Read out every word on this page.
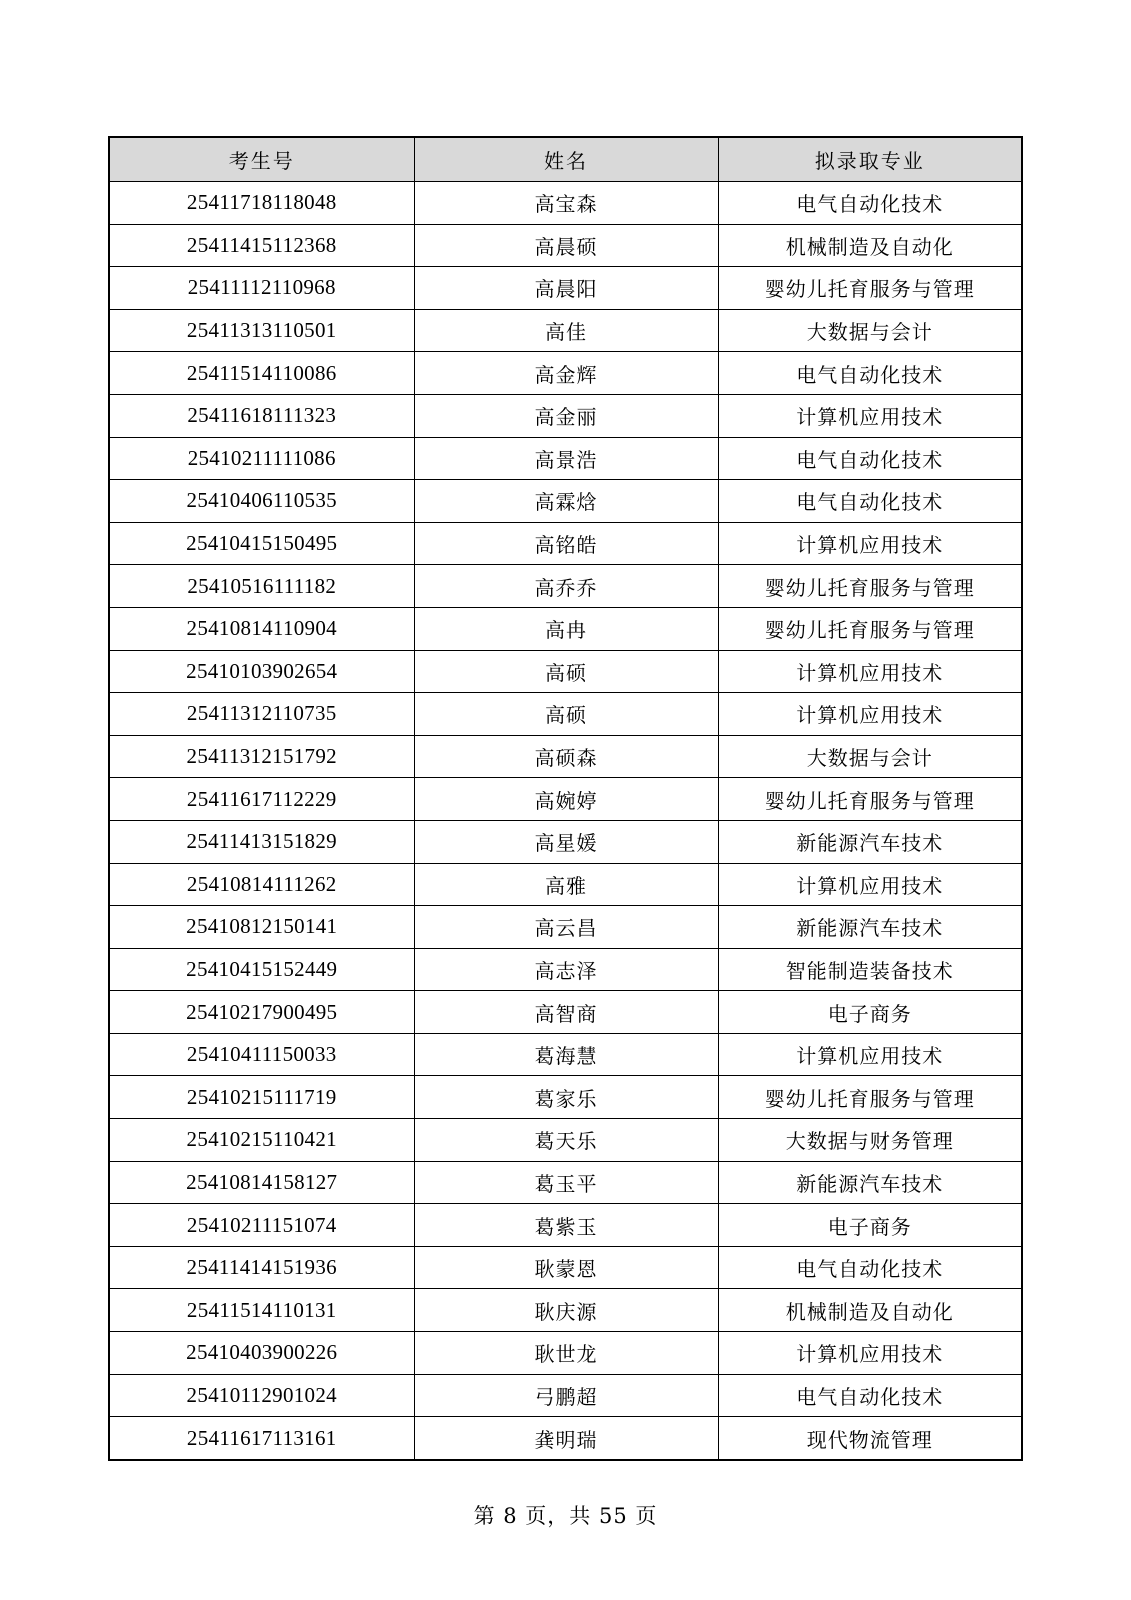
考生号	姓名	拟录取专业
25411718118048	高宝森	电气自动化技术
25411415112368	高晨硕	机械制造及自动化
25411112110968	高晨阳	婴幼儿托育服务与管理
25411313110501	高佳	大数据与会计
25411514110086	高金辉	电气自动化技术
25411618111323	高金丽	计算机应用技术
25410211111086	高景浩	电气自动化技术
25410406110535	高霖焓	电气自动化技术
25410415150495	高铭皓	计算机应用技术
25410516111182	高乔乔	婴幼儿托育服务与管理
25410814110904	高冉	婴幼儿托育服务与管理
25410103902654	高硕	计算机应用技术
25411312110735	高硕	计算机应用技术
25411312151792	高硕森	大数据与会计
25411617112229	高婉婷	婴幼儿托育服务与管理
25411413151829	高星媛	新能源汽车技术
25410814111262	高雅	计算机应用技术
25410812150141	高云昌	新能源汽车技术
25410415152449	高志泽	智能制造装备技术
25410217900495	高智商	电子商务
25410411150033	葛海慧	计算机应用技术
25410215111719	葛家乐	婴幼儿托育服务与管理
25410215110421	葛天乐	大数据与财务管理
25410814158127	葛玉平	新能源汽车技术
25410211151074	葛紫玉	电子商务
25411414151936	耿蒙恩	电气自动化技术
25411514110131	耿庆源	机械制造及自动化
25410403900226	耿世龙	计算机应用技术
25410112901024	弓鹏超	电气自动化技术
25411617113161	龚明瑞	现代物流管理
第 8 页，共 55 页
